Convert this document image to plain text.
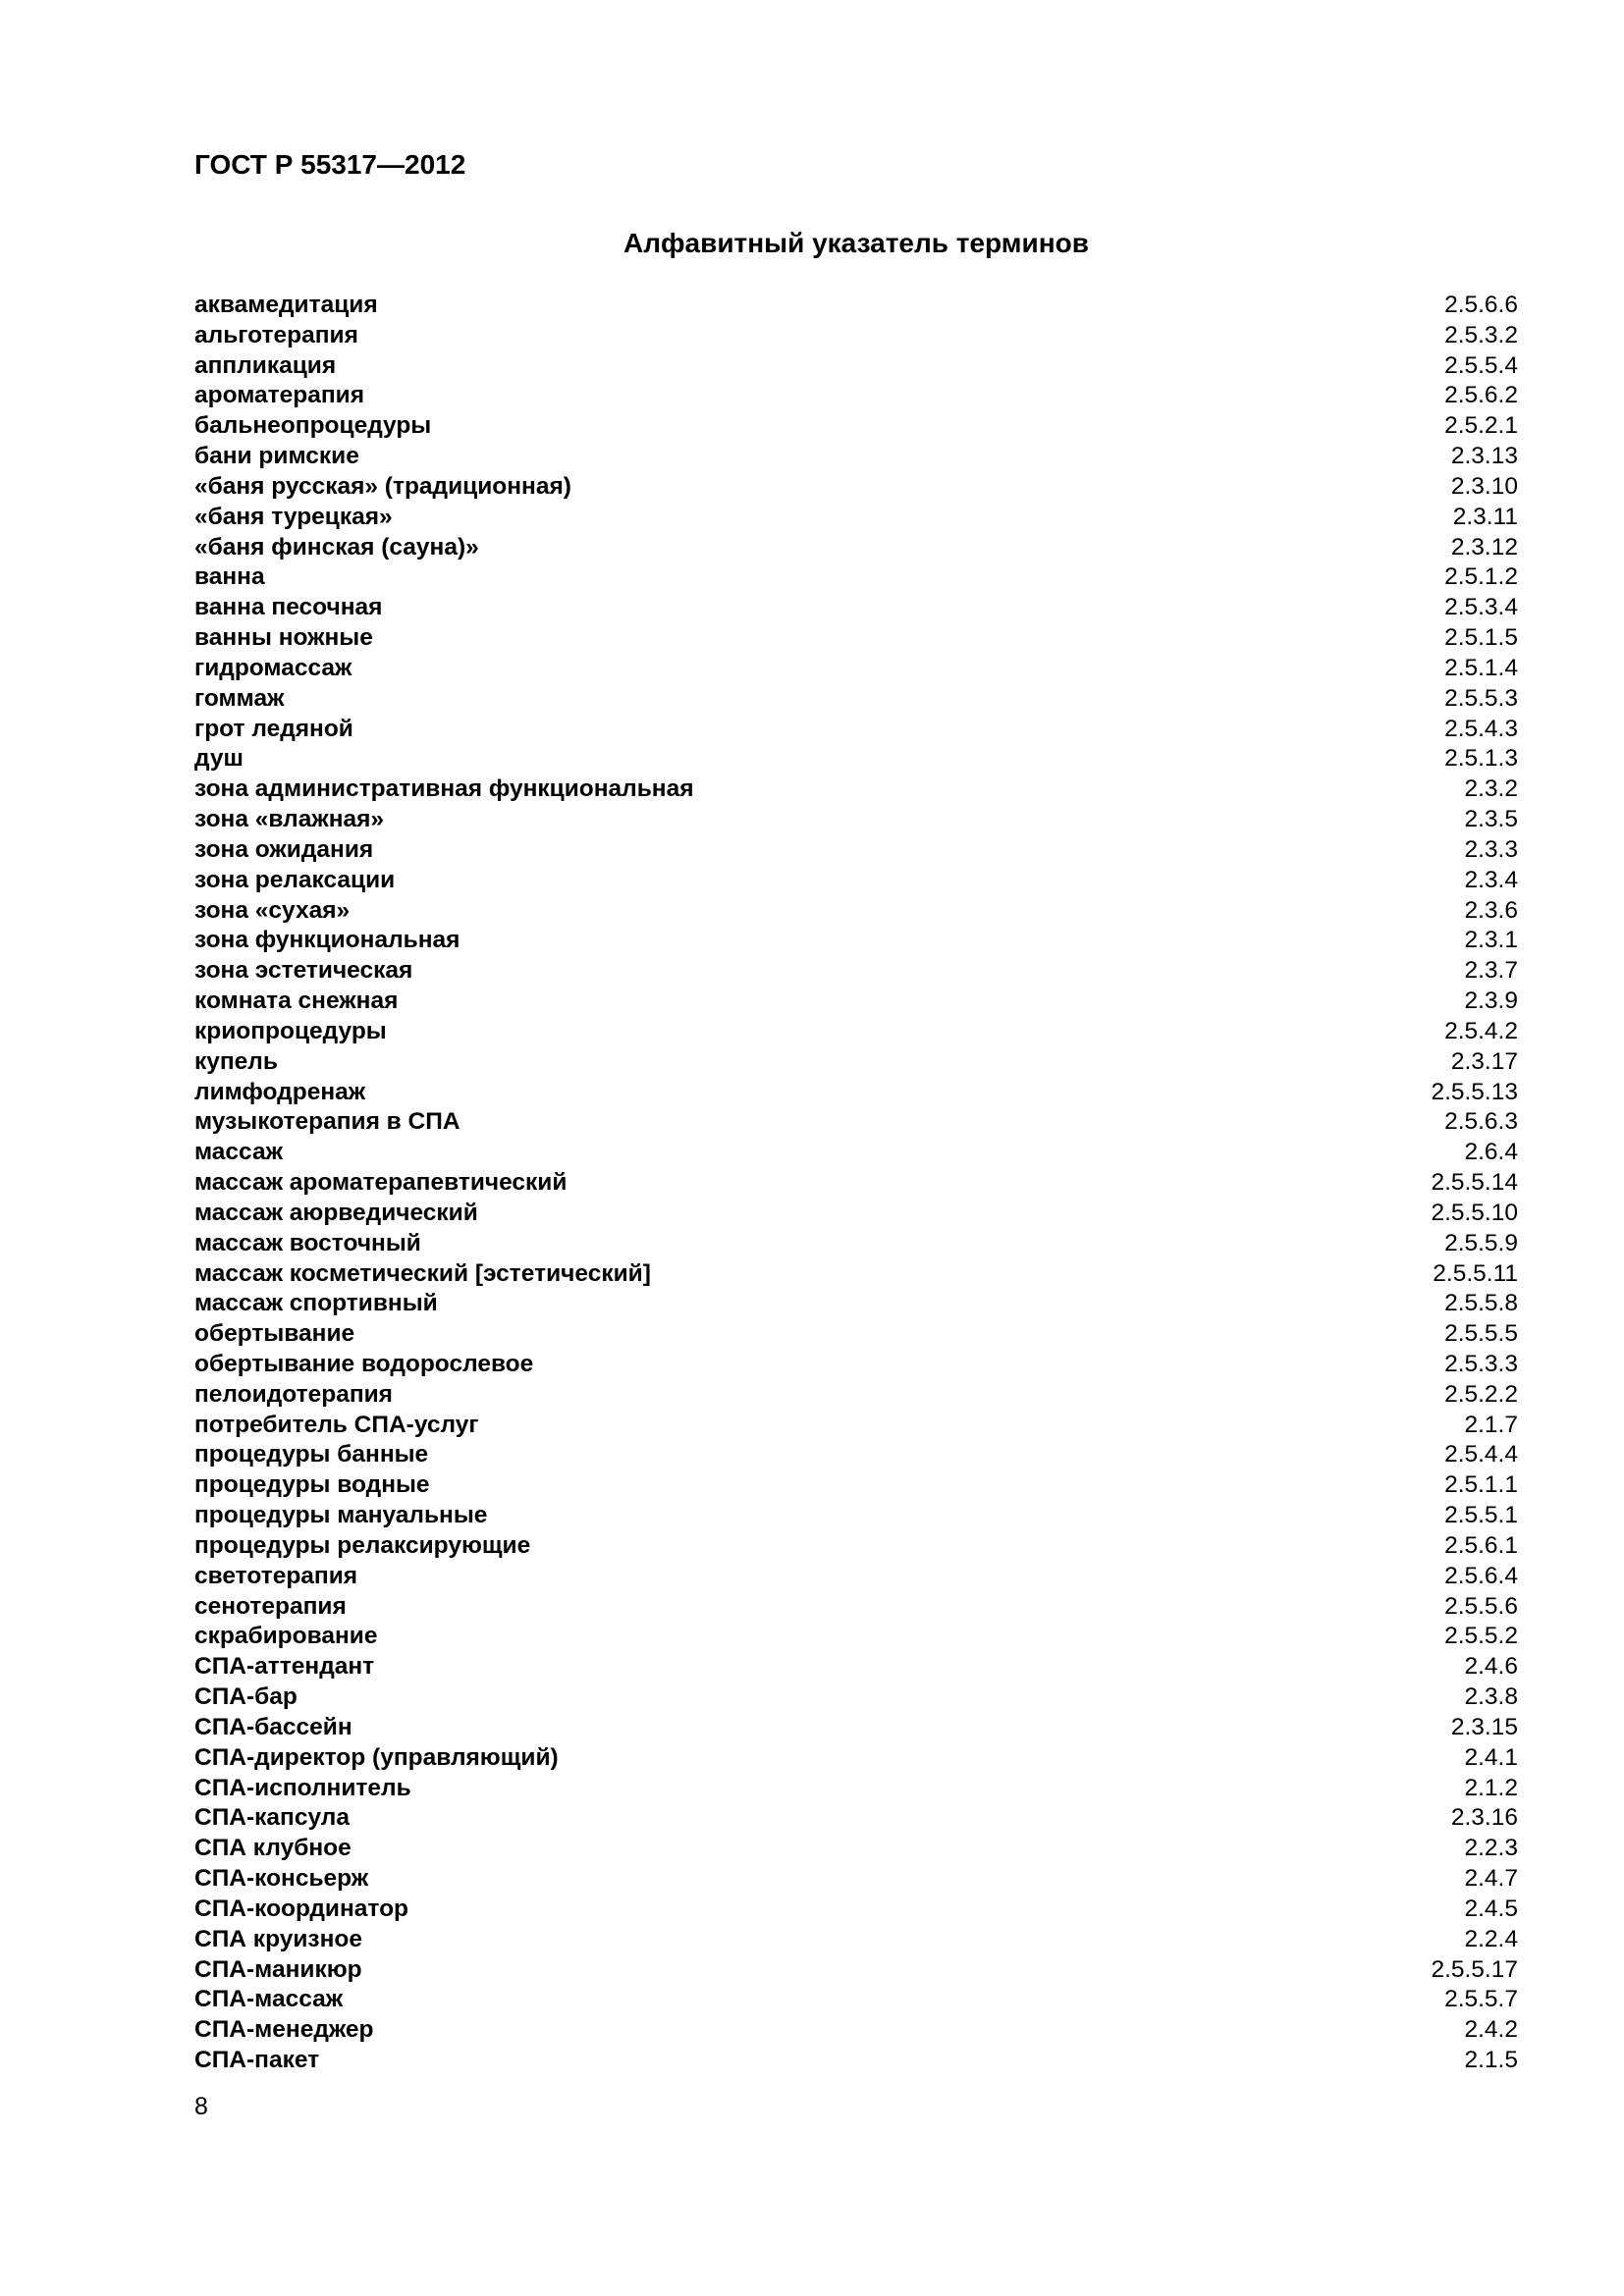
ГОСТ Р 55317—2012
Алфавитный указатель терминов
аквамедитация	2.5.6.6
альготерапия	2.5.3.2
аппликация	2.5.5.4
ароматерапия	2.5.6.2
бальнеопроцедуры	2.5.2.1
бани римские	2.3.13
«баня русская» (традиционная)	2.3.10
«баня турецкая»	2.3.11
«баня финская (сауна)»	2.3.12
ванна	2.5.1.2
ванна песочная	2.5.3.4
ванны ножные	2.5.1.5
гидромассаж	2.5.1.4
гоммаж	2.5.5.3
грот ледяной	2.5.4.3
душ	2.5.1.3
зона административная функциональная	2.3.2
зона «влажная»	2.3.5
зона ожидания	2.3.3
зона релаксации	2.3.4
зона «сухая»	2.3.6
зона функциональная	2.3.1
зона эстетическая	2.3.7
комната снежная	2.3.9
криопроцедуры	2.5.4.2
купель	2.3.17
лимфодренаж	2.5.5.13
музыкотерапия в СПА	2.5.6.3
массаж	2.6.4
массаж ароматерапевтический	2.5.5.14
массаж аюрведический	2.5.5.10
массаж восточный	2.5.5.9
массаж косметический [эстетический]	2.5.5.11
массаж спортивный	2.5.5.8
обертывание	2.5.5.5
обертывание водорослевое	2.5.3.3
пелоидотерапия	2.5.2.2
потребитель СПА-услуг	2.1.7
процедуры банные	2.5.4.4
процедуры водные	2.5.1.1
процедуры мануальные	2.5.5.1
процедуры релаксирующие	2.5.6.1
светотерапия	2.5.6.4
сенотерапия	2.5.5.6
скрабирование	2.5.5.2
СПА-аттендант	2.4.6
СПА-бар	2.3.8
СПА-бассейн	2.3.15
СПА-директор (управляющий)	2.4.1
СПА-исполнитель	2.1.2
СПА-капсула	2.3.16
СПА клубное	2.2.3
СПА-консьерж	2.4.7
СПА-координатор	2.4.5
СПА круизное	2.2.4
СПА-маникюр	2.5.5.17
СПА-массаж	2.5.5.7
СПА-менеджер	2.4.2
СПА-пакет	2.1.5
8
